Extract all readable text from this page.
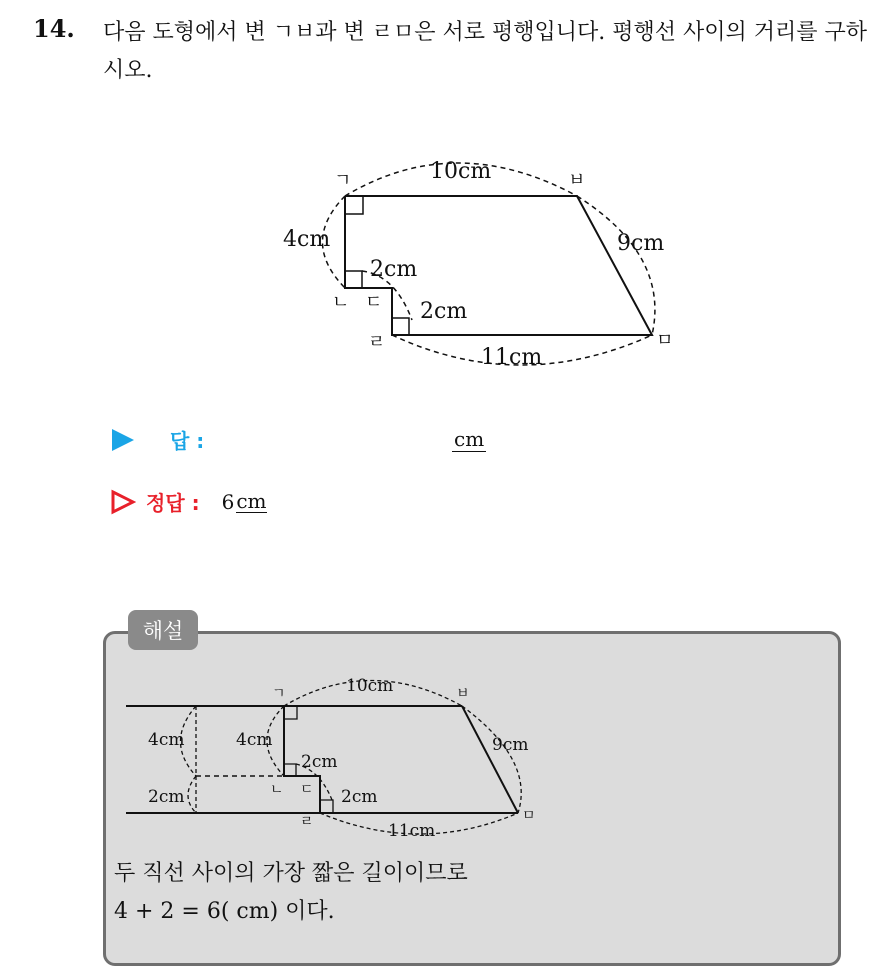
14. 다음 도형에서 변 ㄱㅂ과 변 ㄹㅁ은 서로 평행입니다. 평행선 사이의 거리를 구하시오.
ㄱ
ㄴ ㄷ
ㄹ	ㅁ
ㅂ
10cm
4cm
2cm
2cm
11cm
9cm
답 :	cm
정답 : 6 cm
해설
ㄱ
ㄴ ㄷ
ㄹ	ㅁ
ㅂ
10cm
4cm	4cm
2cm
2cm	2cm
9cm
11cm
두 직선 사이의 가장 짧은 길이이므로
4 + 2 = 6( cm) 이다.
